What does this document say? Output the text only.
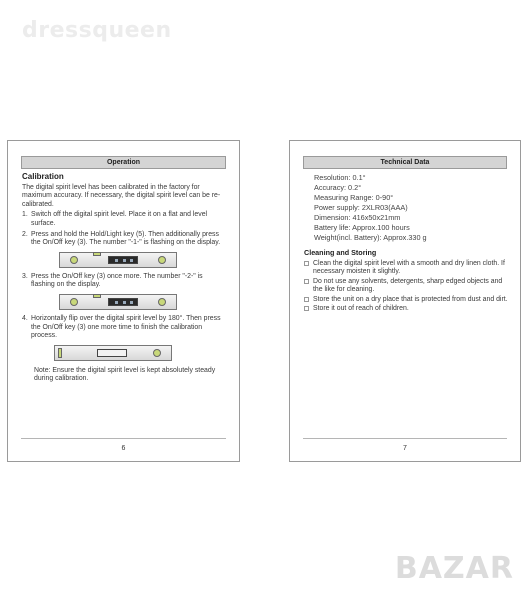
dressqueen
Operation
Calibration
The digital spirit level has been calibrated in the factory for maximum accuracy. If necessary, the digital spirit level can be re-calibrated.
1. Switch off the digital spirit level. Place it on a flat and level surface.
2. Press and hold the Hold/Light key (5). Then additionally press the On/Off key (3). The number "-1-" is flashing on the display.
3. Press the On/Off key (3) once more. The number "-2-" is flashing on the display.
4. Horizontally flip over the digital spirit level by 180°. Then press the On/Off key (3) one more time to finish the calibration process.
Note: Ensure the digital spirit level is kept absolutely steady during calibration.
6
Technical Data
Resolution: 0.1°
Accuracy: 0.2°
Measuring Range: 0-90°
Power supply: 2XLR03(AAA)
Dimension: 416x50x21mm
Battery life: Approx.100 hours
Weight(incl. Battery): Approx.330 g
Cleaning and Storing
Clean the digital spirit level with a smooth and dry linen cloth. If necessary moisten it slightly.
Do not use any solvents, detergents, sharp edged objects and the like for cleaning.
Store the unit on a dry place that is protected from dust and dirt.
Store it out of reach of children.
7
BAZAR
